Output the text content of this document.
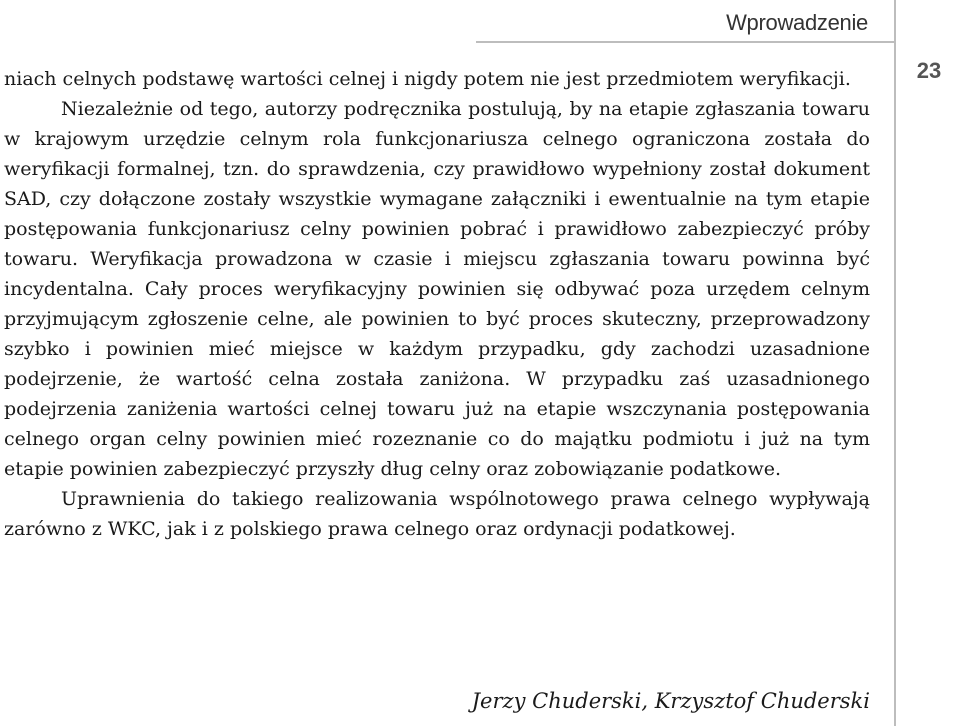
Wprowadzenie
23

niach celnych podstawę wartości celnej i nigdy potem nie jest przedmiotem weryfikacji.

Niezależnie od tego, autorzy podręcznika postulują, by na etapie zgłaszania towaru w krajowym urzędzie celnym rola funkcjonariusza celnego ograniczona została do weryfikacji formalnej, tzn. do sprawdzenia, czy prawidłowo wypełniony został dokument SAD, czy dołączone zostały wszystkie wymagane załączniki i ewentualnie na tym etapie postępowania funkcjonariusz celny powinien pobrać i prawidłowo zabezpieczyć próby towaru. Weryfikacja prowadzona w czasie i miejscu zgłaszania towaru powinna być incydentalna. Cały proces weryfikacyjny powinien się odbywać poza urzędem celnym przyjmującym zgłoszenie celne, ale powinien to być proces skuteczny, przeprowadzony szybko i powinien mieć miejsce w każdym przypadku, gdy zachodzi uzasadnione podejrzenie, że wartość celna została zaniżona. W przypadku zaś uzasadnionego podejrzenia zaniżenia wartości celnej towaru już na etapie wszczynania postępowania celnego organ celny powinien mieć rozeznanie co do majątku podmiotu i już na tym etapie powinien zabezpieczyć przyszły dług celny oraz zobowiązanie podatkowe.

Uprawnienia do takiego realizowania wspólnotowego prawa celnego wypływają zarówno z WKC, jak i z polskiego prawa celnego oraz ordynacji podatkowej.

Jerzy Chuderski, Krzysztof Chuderski
